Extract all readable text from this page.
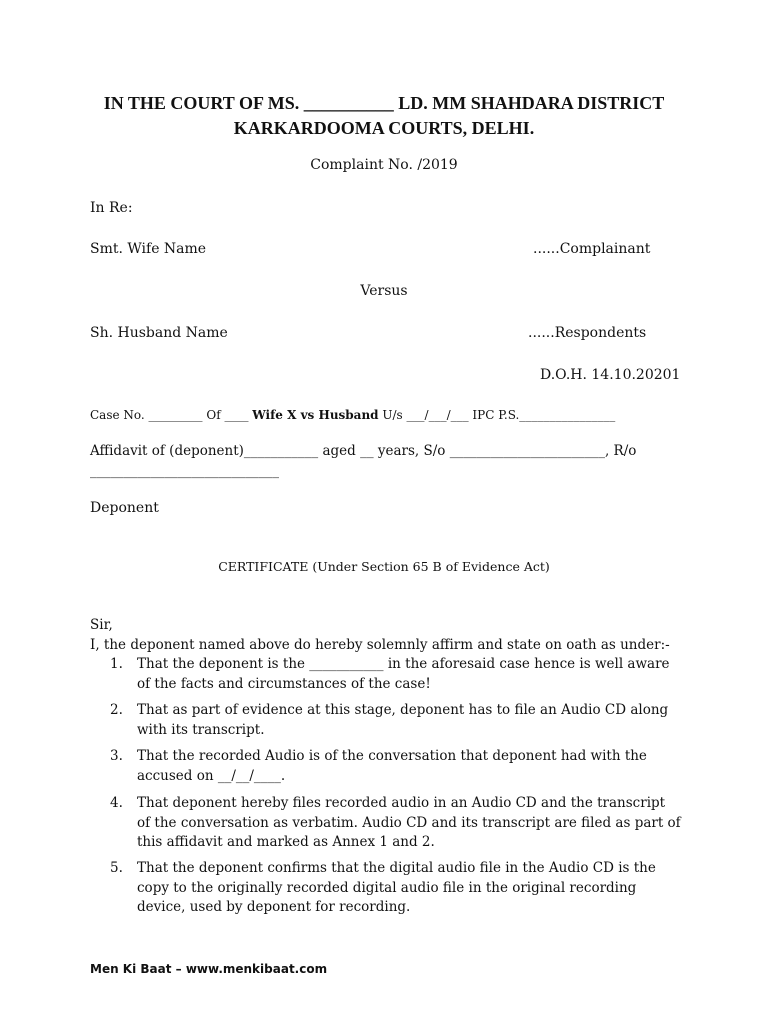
IN THE COURT OF MS. __________ LD. MM SHAHDARA DISTRICT
KARKARDOOMA COURTS, DELHI.
Complaint No. /2019
In Re:
Smt. Wife Name	......Complainant
Versus
Sh. Husband Name	......Respondents
D.O.H. 14.10.20201
Case No. _________ Of ____ Wife X vs Husband U/s ___/___/___ IPC P.S.________________
Affidavit of (deponent)___________ aged __ years, S/o _______________________, R/o
____________________________
Deponent
CERTIFICATE (Under Section 65 B of Evidence Act)
Sir,
I, the deponent named above do hereby solemnly affirm and state on oath as under:-
1. That the deponent is the ___________ in the aforesaid case hence is well aware of the facts and circumstances of the case!
2. That as part of evidence at this stage, deponent has to file an Audio CD along with its transcript.
3. That the recorded Audio is of the conversation that deponent had with the accused on __/__/____.
4. That deponent hereby files recorded audio in an Audio CD and the transcript of the conversation as verbatim. Audio CD and its transcript are filed as part of this affidavit and marked as Annex 1 and 2.
5. That the deponent confirms that the digital audio file in the Audio CD is the copy to the originally recorded digital audio file in the original recording device, used by deponent for recording.
Men Ki Baat – www.menkibaat.com
